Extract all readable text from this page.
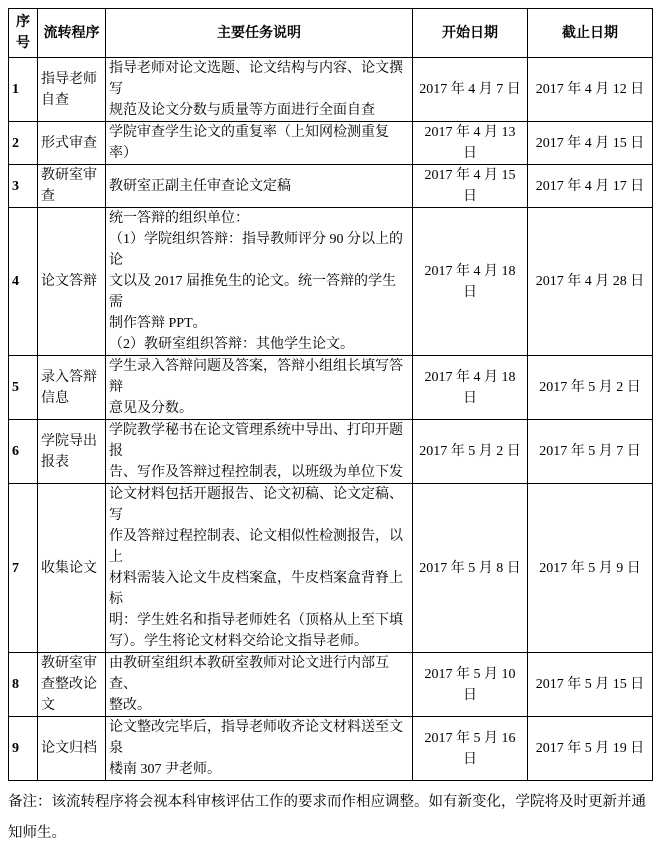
序号	流转程序	主要任务说明	开始日期	截止日期
1	指导老师自查	指导老师对论文选题、论文结构与内容、论文撰写
规范及论文分数与质量等方面进行全面自查	2017 年 4 月 7 日	2017 年 4 月 12 日
2	形式审查	学院审查学生论文的重复率（上知网检测重复率）	2017 年 4 月 13 日	2017 年 4 月 15 日
3	教研室审查	教研室正副主任审查论文定稿	2017 年 4 月 15 日	2017 年 4 月 17 日
4	论文答辩	统一答辩的组织单位：
（1）学院组织答辩：指导教师评分 90 分以上的论
文以及 2017 届推免生的论文。统一答辩的学生需
制作答辩 PPT。
（2）教研室组织答辩：其他学生论文。	2017 年 4 月 18 日	2017 年 4 月 28 日
5	录入答辩信息	学生录入答辩问题及答案，答辩小组组长填写答辩
意见及分数。	2017 年 4 月 18 日	2017 年 5 月 2 日
6	学院导出报表	学院教学秘书在论文管理系统中导出、打印开题报
告、写作及答辩过程控制表，以班级为单位下发	2017 年 5 月 2 日	2017 年 5 月 7 日
7	收集论文	论文材料包括开题报告、论文初稿、论文定稿、写
作及答辩过程控制表、论文相似性检测报告，以上
材料需装入论文牛皮档案盒，牛皮档案盒背脊上标
明：学生姓名和指导老师姓名（顶格从上至下填
写）。学生将论文材料交给论文指导老师。	2017 年 5 月 8 日	2017 年 5 月 9 日
8	教研室审查整改论文	由教研室组织本教研室教师对论文进行内部互查、
整改。	2017 年 5 月 10 日	2017 年 5 月 15 日
9	论文归档	论文整改完毕后，指导老师收齐论文材料送至文泉
楼南 307 尹老师。	2017 年 5 月 16 日	2017 年 5 月 19 日
备注：该流转程序将会视本科审核评估工作的要求而作相应调整。如有新变化，学院将及时更新并通知师生。
